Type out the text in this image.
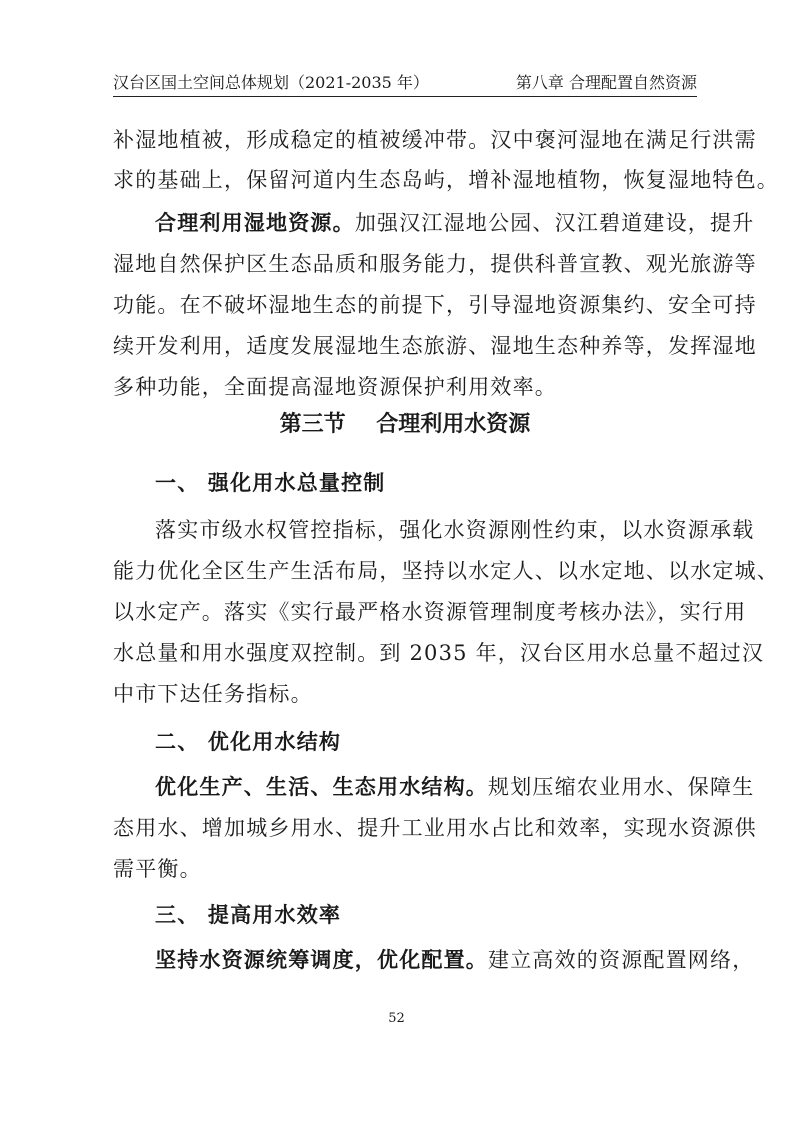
汉台区国土空间总体规划（2021-2035 年）	第八章 合理配置自然资源
补湿地植被，形成稳定的植被缓冲带。汉中褒河湿地在满足行洪需
求的基础上，保留河道内生态岛屿，增补湿地植物，恢复湿地特色。
合理利用湿地资源。加强汉江湿地公园、汉江碧道建设，提升
湿地自然保护区生态品质和服务能力，提供科普宣教、观光旅游等
功能。在不破坏湿地生态的前提下，引导湿地资源集约、安全可持
续开发利用，适度发展湿地生态旅游、湿地生态种养等，发挥湿地
多种功能，全面提高湿地资源保护利用效率。
第三节    合理利用水资源
一、 强化用水总量控制
落实市级水权管控指标，强化水资源刚性约束，以水资源承载
能力优化全区生产生活布局，坚持以水定人、以水定地、以水定城、
以水定产。落实《实行最严格水资源管理制度考核办法》，实行用
水总量和用水强度双控制。到 2035 年，汉台区用水总量不超过汉
中市下达任务指标。
二、 优化用水结构
优化生产、生活、生态用水结构。规划压缩农业用水、保障生
态用水、增加城乡用水、提升工业用水占比和效率，实现水资源供
需平衡。
三、 提高用水效率
坚持水资源统筹调度，优化配置。建立高效的资源配置网络，
52
